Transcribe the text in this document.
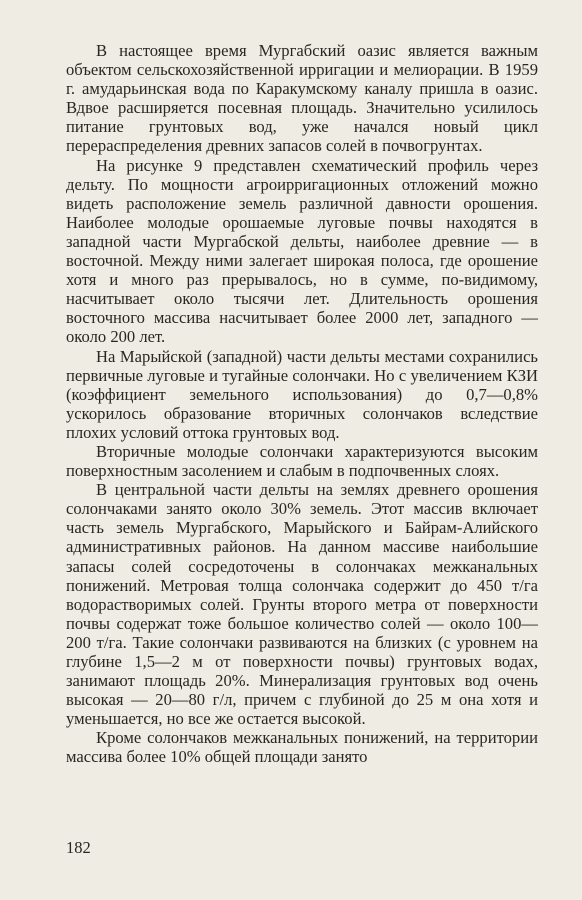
В настоящее время Мургабский оазис является важным объектом сельскохозяйственной ирригации и мелиорации. В 1959 г. амударьинская вода по Каракумскому каналу пришла в оазис. Вдвое расширяется посевная площадь. Значительно усилилось питание грунтовых вод, уже начался новый цикл перераспределения древних запасов солей в почвогрунтах.

На рисунке 9 представлен схематический профиль через дельту. По мощности агроирригационных отложений можно видеть расположение земель различной давности орошения. Наиболее молодые орошаемые луговые почвы находятся в западной части Мургабской дельты, наиболее древние — в восточной. Между ними залегает широкая полоса, где орошение хотя и много раз прерывалось, но в сумме, по-видимому, насчитывает около тысячи лет. Длительность орошения восточного массива насчитывает более 2000 лет, западного — около 200 лет.

На Марыйской (западной) части дельты местами сохранились первичные луговые и тугайные солончаки. Но с увеличением КЗИ (коэффициент земельного использования) до 0,7—0,8% ускорилось образование вторичных солончаков вследствие плохих условий оттока грунтовых вод.

Вторичные молодые солончаки характеризуются высоким поверхностным засолением и слабым в подпочвенных слоях.

В центральной части дельты на землях древнего орошения солончаками занято около 30% земель. Этот массив включает часть земель Мургабского, Марыйского и Байрам-Алийского административных районов. На данном массиве наибольшие запасы солей сосредоточены в солончаках межканальных понижений. Метровая толща солончака содержит до 450 т/га водорастворимых солей. Грунты второго метра от поверхности почвы содержат тоже большое количество солей — около 100—200 т/га. Такие солончаки развиваются на близких (с уровнем на глубине 1,5—2 м от поверхности почвы) грунтовых водах, занимают площадь 20%. Минерализация грунтовых вод очень высокая — 20—80 г/л, причем с глубиной до 25 м она хотя и уменьшается, но все же остается высокой.

Кроме солончаков межканальных понижений, на территории массива более 10% общей площади занято

182
